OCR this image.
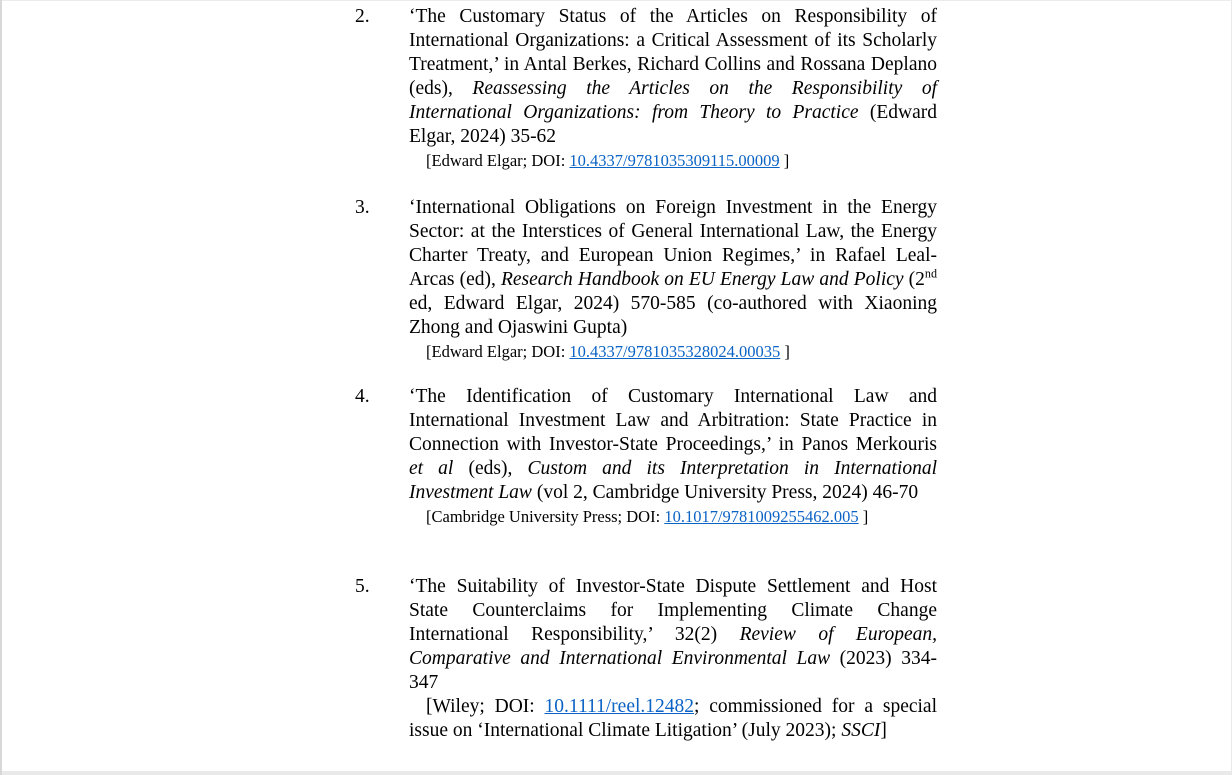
2. ‘The Customary Status of the Articles on Responsibility of International Organizations: a Critical Assessment of its Scholarly Treatment,’ in Antal Berkes, Richard Collins and Rossana Deplano (eds), Reassessing the Articles on the Responsibility of International Organizations: from Theory to Practice (Edward Elgar, 2024) 35-62
[Edward Elgar; DOI: 10.4337/9781035309115.00009 ]
3. ‘International Obligations on Foreign Investment in the Energy Sector: at the Interstices of General International Law, the Energy Charter Treaty, and European Union Regimes,’ in Rafael Leal-Arcas (ed), Research Handbook on EU Energy Law and Policy (2nd ed, Edward Elgar, 2024) 570-585 (co-authored with Xiaoning Zhong and Ojaswini Gupta)
[Edward Elgar; DOI: 10.4337/9781035328024.00035 ]
4. ‘The Identification of Customary International Law and International Investment Law and Arbitration: State Practice in Connection with Investor-State Proceedings,’ in Panos Merkouris et al (eds), Custom and its Interpretation in International Investment Law (vol 2, Cambridge University Press, 2024) 46-70
[Cambridge University Press; DOI: 10.1017/9781009255462.005 ]
5. ‘The Suitability of Investor-State Dispute Settlement and Host State Counterclaims for Implementing Climate Change International Responsibility,’ 32(2) Review of European, Comparative and International Environmental Law (2023) 334-347
[Wiley; DOI: 10.1111/reel.12482; commissioned for a special issue on ‘International Climate Litigation’ (July 2023); SSCI]
